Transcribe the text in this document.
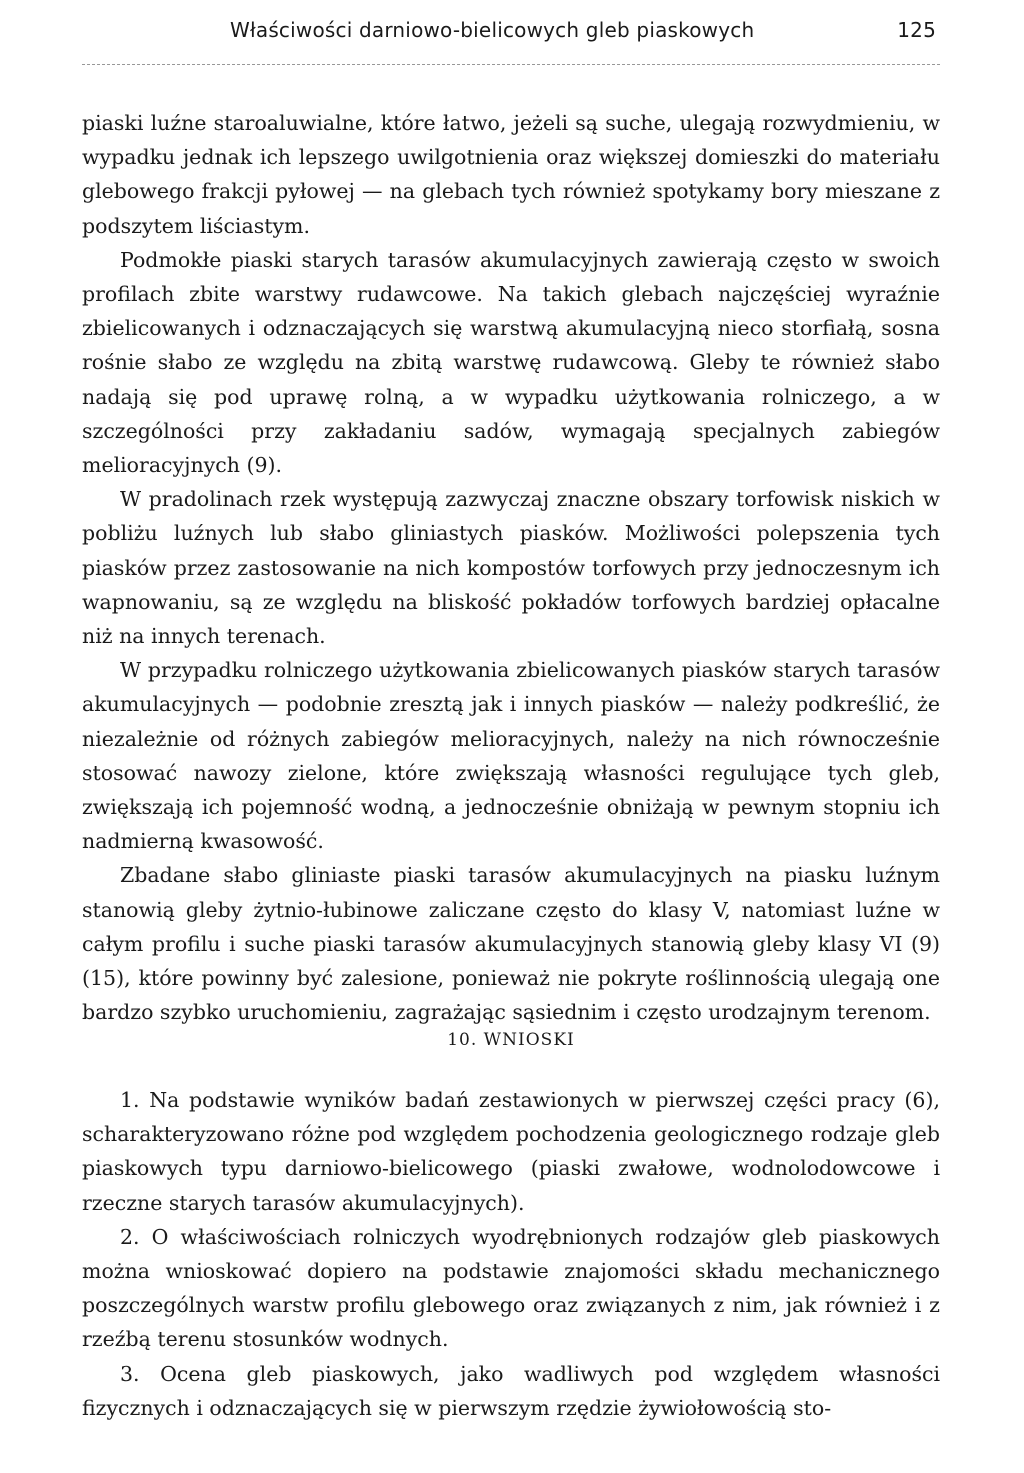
Właściwości darniowo-bielicowych gleb piaskowych	125

piaski luźne staroaluwialne, które łatwo, jeżeli są suche, ulegają rozwydmieniu, w wypadku jednak ich lepszego uwilgotnienia oraz większej domieszki do materiału glebowego frakcji pyłowej — na glebach tych również spotykamy bory mieszane z podszytem liściastym.

Podmokłe piaski starych tarasów akumulacyjnych zawierają często w swoich profilach zbite warstwy rudawcowe. Na takich glebach najczęściej wyraźnie zbielicowanych i odznaczających się warstwą akumulacyjną nieco storfiałą, sosna rośnie słabo ze względu na zbitą warstwę rudawcową. Gleby te również słabo nadają się pod uprawę rolną, a w wypadku użytkowania rolniczego, a w szczególności przy zakładaniu sadów, wymagają specjalnych zabiegów melioracyjnych (9).

W pradolinach rzek występują zazwyczaj znaczne obszary torfowisk niskich w pobliżu luźnych lub słabo gliniastych piasków. Możliwości polepszenia tych piasków przez zastosowanie na nich kompostów torfowych przy jednoczesnym ich wapnowaniu, są ze względu na bliskość pokładów torfowych bardziej opłacalne niż na innych terenach.

W przypadku rolniczego użytkowania zbielicowanych piasków starych tarasów akumulacyjnych — podobnie zresztą jak i innych piasków — należy podkreślić, że niezależnie od różnych zabiegów melioracyjnych, należy na nich równocześnie stosować nawozy zielone, które zwiększają własności regulujące tych gleb, zwiększają ich pojemność wodną, a jednocześnie obniżają w pewnym stopniu ich nadmierną kwasowość.

Zbadane słabo gliniaste piaski tarasów akumulacyjnych na piasku luźnym stanowią gleby żytnio-łubinowe zaliczane często do klasy V, natomiast luźne w całym profilu i suche piaski tarasów akumulacyjnych stanowią gleby klasy VI (9) (15), które powinny być zalesione, ponieważ nie pokryte roślinnością ulegają one bardzo szybko uruchomieniu, zagrażając sąsiednim i często urodzajnym terenom.

10. WNIOSKI

1. Na podstawie wyników badań zestawionych w pierwszej części pracy (6), scharakteryzowano różne pod względem pochodzenia geologicznego rodzaje gleb piaskowych typu darniowo-bielicowego (piaski zwałowe, wodnolodowcowe i rzeczne starych tarasów akumulacyjnych).

2. O właściwościach rolniczych wyodrębnionych rodzajów gleb piaskowych można wnioskować dopiero na podstawie znajomości składu mechanicznego poszczególnych warstw profilu glebowego oraz związanych z nim, jak również i z rzeźbą terenu stosunków wodnych.

3. Ocena gleb piaskowych, jako wadliwych pod względem własności fizycznych i odznaczających się w pierwszym rzędzie żywiołowością sto-
